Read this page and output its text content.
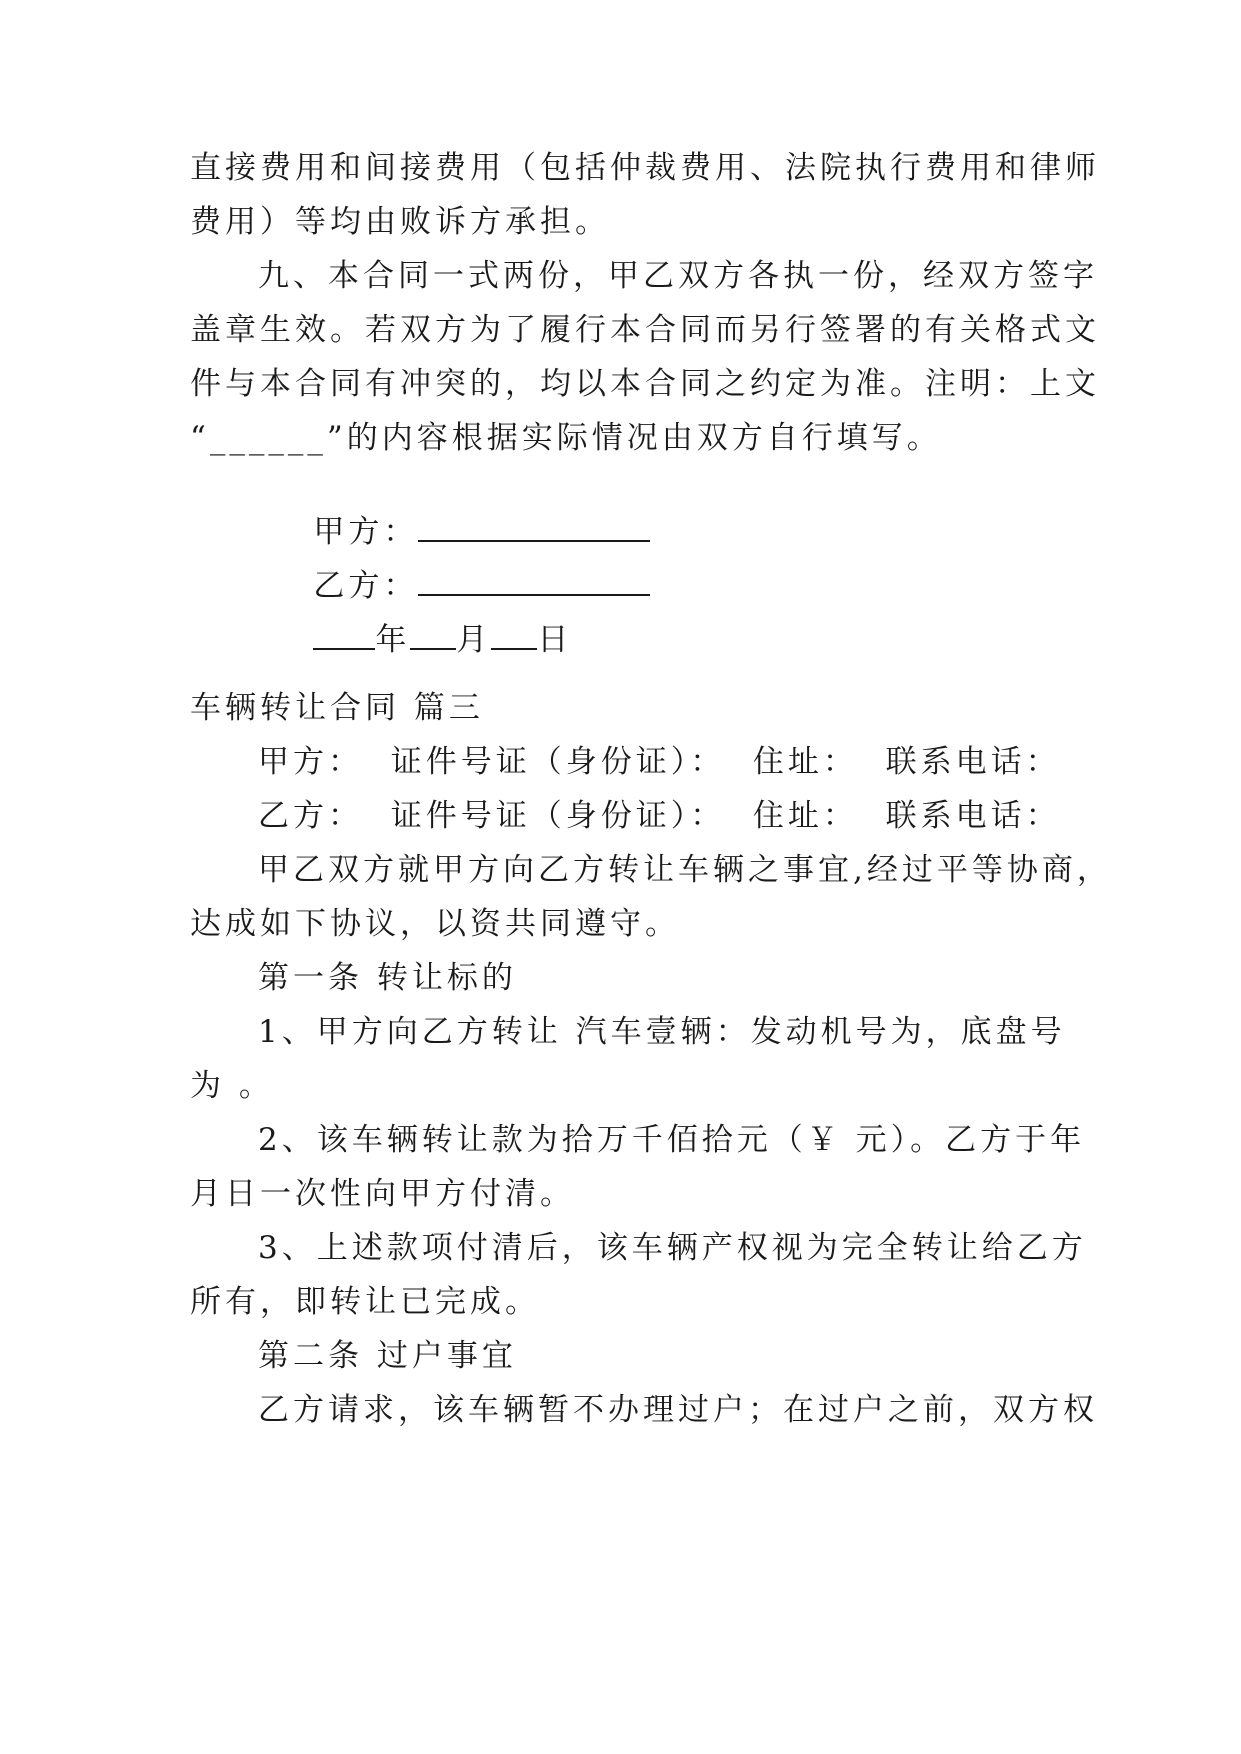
直接费用和间接费用（包括仲裁费用、法院执行费用和律师
费用）等均由败诉方承担。
九、本合同一式两份，甲乙双方各执一份，经双方签字
盖章生效。若双方为了履行本合同而另行签署的有关格式文
件与本合同有冲突的，均以本合同之约定为准。注明：上文
“______”的内容根据实际情况由双方自行填写。

甲方：

乙方：

年 月 日

车辆转让合同 篇三
甲方：  证件号证（身份证）：  住址：  联系电话：
乙方：  证件号证（身份证）：  住址：  联系电话：
甲乙双方就甲方向乙方转让车辆之事宜,经过平等协商，
达成如下协议，以资共同遵守。
第一条 转让标的
1、甲方向乙方转让 汽车壹辆：发动机号为，底盘号
为 。
2、该车辆转让款为拾万千佰拾元（￥ 元）。乙方于年
月日一次性向甲方付清。
3、上述款项付清后，该车辆产权视为完全转让给乙方
所有，即转让已完成。
第二条 过户事宜
乙方请求，该车辆暂不办理过户；在过户之前，双方权
